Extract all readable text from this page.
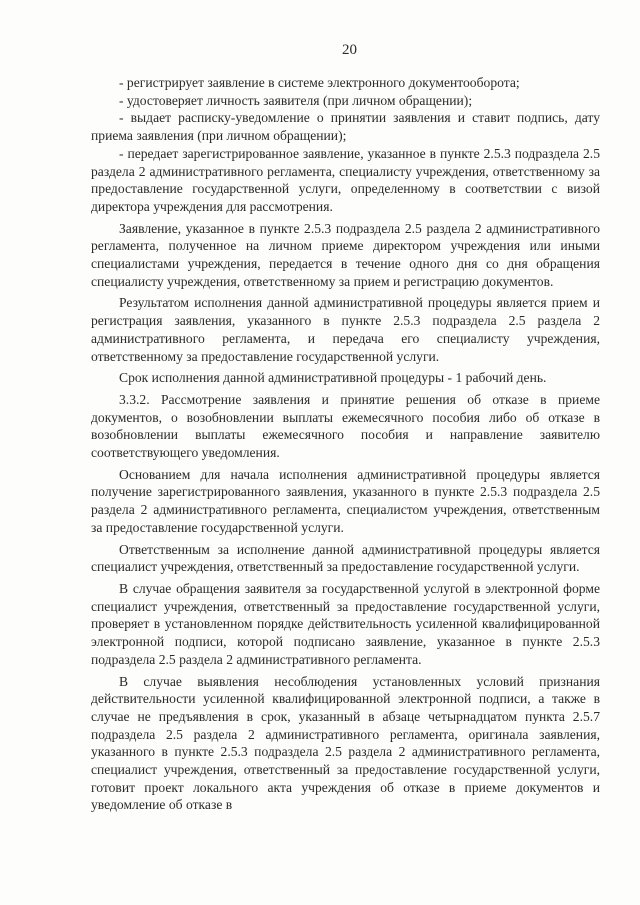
20

- регистрирует заявление в системе электронного документооборота;

- удостоверяет личность заявителя (при личном обращении);

- выдает расписку-уведомление о принятии заявления и ставит подпись, дату приема заявления (при личном обращении);

- передает зарегистрированное заявление, указанное в пункте 2.5.3 подраздела 2.5 раздела 2 административного регламента, специалисту учреждения, ответственному за предоставление государственной услуги, определенному в соответствии с визой директора учреждения для рассмотрения.

Заявление, указанное в пункте 2.5.3 подраздела 2.5 раздела 2 административного регламента, полученное на личном приеме директором учреждения или иными специалистами учреждения, передается в течение одного дня со дня обращения специалисту учреждения, ответственному за прием и регистрацию документов.

Результатом исполнения данной административной процедуры является прием и регистрация заявления, указанного в пункте 2.5.3 подраздела 2.5 раздела 2 административного регламента, и передача его специалисту учреждения, ответственному за предоставление государственной услуги.

Срок исполнения данной административной процедуры - 1 рабочий день.

3.3.2. Рассмотрение заявления и принятие решения об отказе в приеме документов, о возобновлении выплаты ежемесячного пособия либо об отказе в возобновлении выплаты ежемесячного пособия и направление заявителю соответствующего уведомления.

Основанием для начала исполнения административной процедуры является получение зарегистрированного заявления, указанного в пункте 2.5.3 подраздела 2.5 раздела 2 административного регламента, специалистом учреждения, ответственным за предоставление государственной услуги.

Ответственным за исполнение данной административной процедуры является специалист учреждения, ответственный за предоставление государственной услуги.

В случае обращения заявителя за государственной услугой в электронной форме специалист учреждения, ответственный за предоставление государственной услуги, проверяет в установленном порядке действительность усиленной квалифицированной электронной подписи, которой подписано заявление, указанное в пункте 2.5.3 подраздела 2.5 раздела 2 административного регламента.

В случае выявления несоблюдения установленных условий признания действительности усиленной квалифицированной электронной подписи, а также в случае не предъявления в срок, указанный в абзаце четырнадцатом пункта 2.5.7 подраздела 2.5 раздела 2 административного регламента, оригинала заявления, указанного в пункте 2.5.3 подраздела 2.5 раздела 2 административного регламента, специалист учреждения, ответственный за предоставление государственной услуги, готовит проект локального акта учреждения об отказе в приеме документов и уведомление об отказе в
